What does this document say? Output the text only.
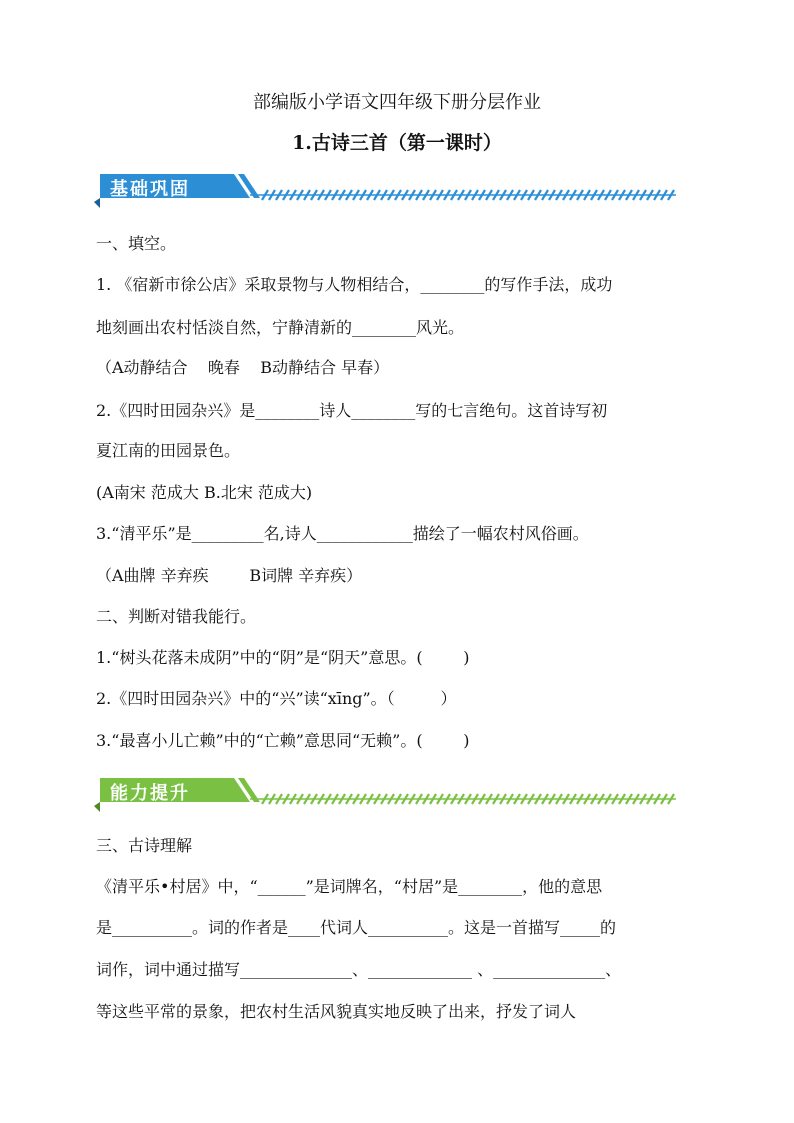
部编版小学语文四年级下册分层作业
1.古诗三首（第一课时）
基础巩固
一、填空。
1. 《宿新市徐公店》采取景物与人物相结合，________的写作手法，成功
地刻画出农村恬淡自然，宁静清新的________风光。
（A动静结合    晚春    B动静结合 早春）
2.《四时田园杂兴》是________诗人________写的七言绝句。这首诗写初
夏江南的田园景色。
(A南宋 范成大 B.北宋 范成大)
3.“清平乐”是_________名,诗人____________描绘了一幅农村风俗画。
（A曲牌 辛弃疾        B词牌 辛弃疾）
二、判断对错我能行。
1.“树头花落未成阴”中的“阴”是“阴天”意思。(        )
2.《四时田园杂兴》中的“兴”读“xīng”。（         ）
3.“最喜小儿亡赖”中的“亡赖”意思同“无赖”。(        )
能力提升
三、古诗理解
《清平乐•村居》中，“______”是词牌名，“村居”是________，他的意思
是__________。词的作者是____代词人__________。这是一首描写_____的
词作，词中通过描写______________、_____________ 、______________、
等这些平常的景象，把农村生活风貌真实地反映了出来，抒发了词人
